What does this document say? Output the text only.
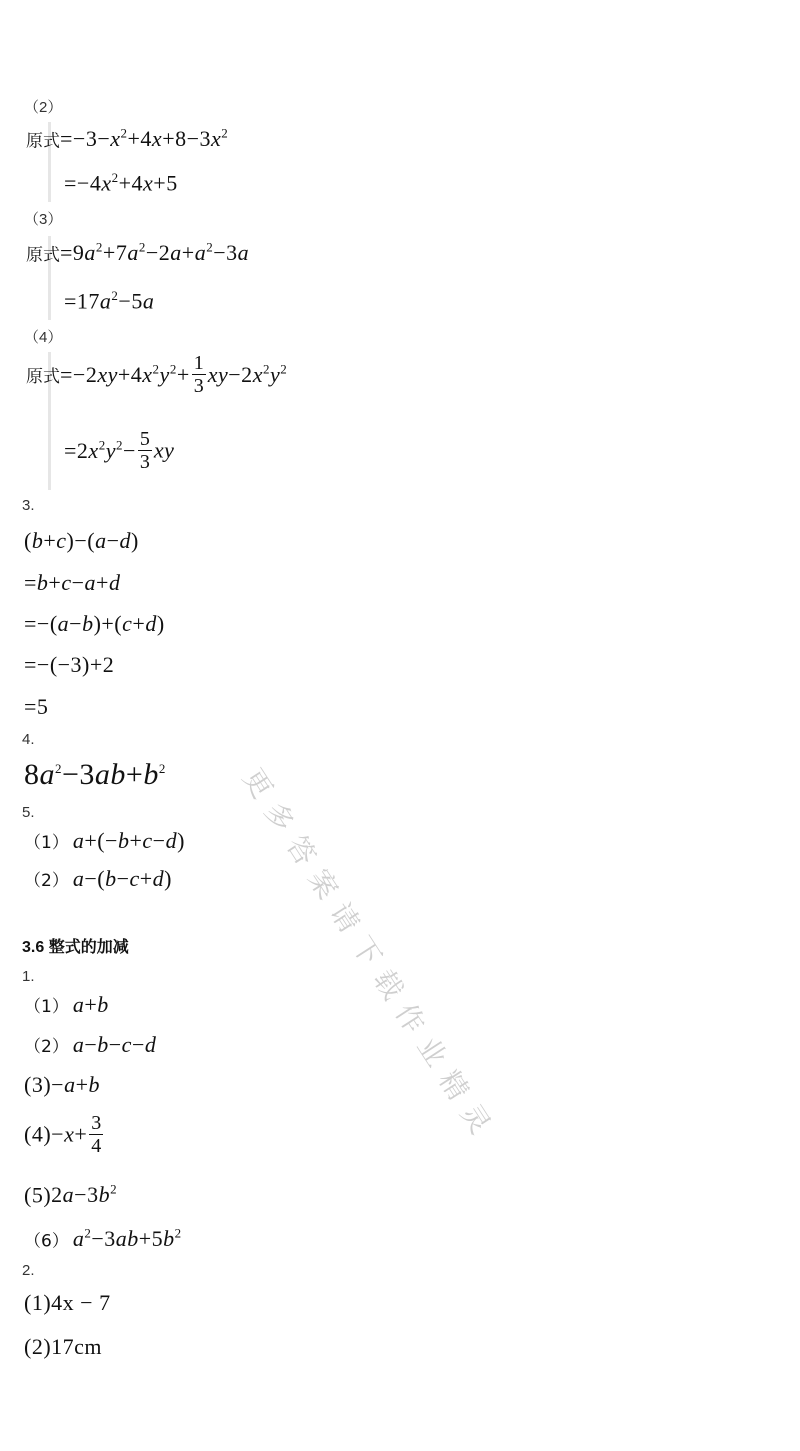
（2）
原式$=-3-x^2+4x+8-3x^2$
$=-4x^2+4x+5$
（3）
原式$=9a^2+7a^2-2a+a^2-3a$
$=17a^2-5a$
（4）
原式$=-2xy+4x^2y^2+ \frac{1}{3} xy-2x^2y^2$
$=2x^2y^2- \frac{5}{3}$ xy
3.
(b+c)−(a−d)
=b+c−a+d
=−(a−b)+(c+d)
=−(−3)+2
=5
4.
$8a^2-3ab+b^2$
5.
（1） a+(−b+c−d)
（2） a−(b−c+d)
3.6 整式的加减
1.
（1） a+b
（2） a−b−c−d
(3)−a+b
$(4)-x+ \frac{3}{4}$
$(5)2a-3b^2$
（6） $a^2-3ab+5b^2$
2.
(1)4x − 7
(2)17cm
更多答案请下载作业精灵
